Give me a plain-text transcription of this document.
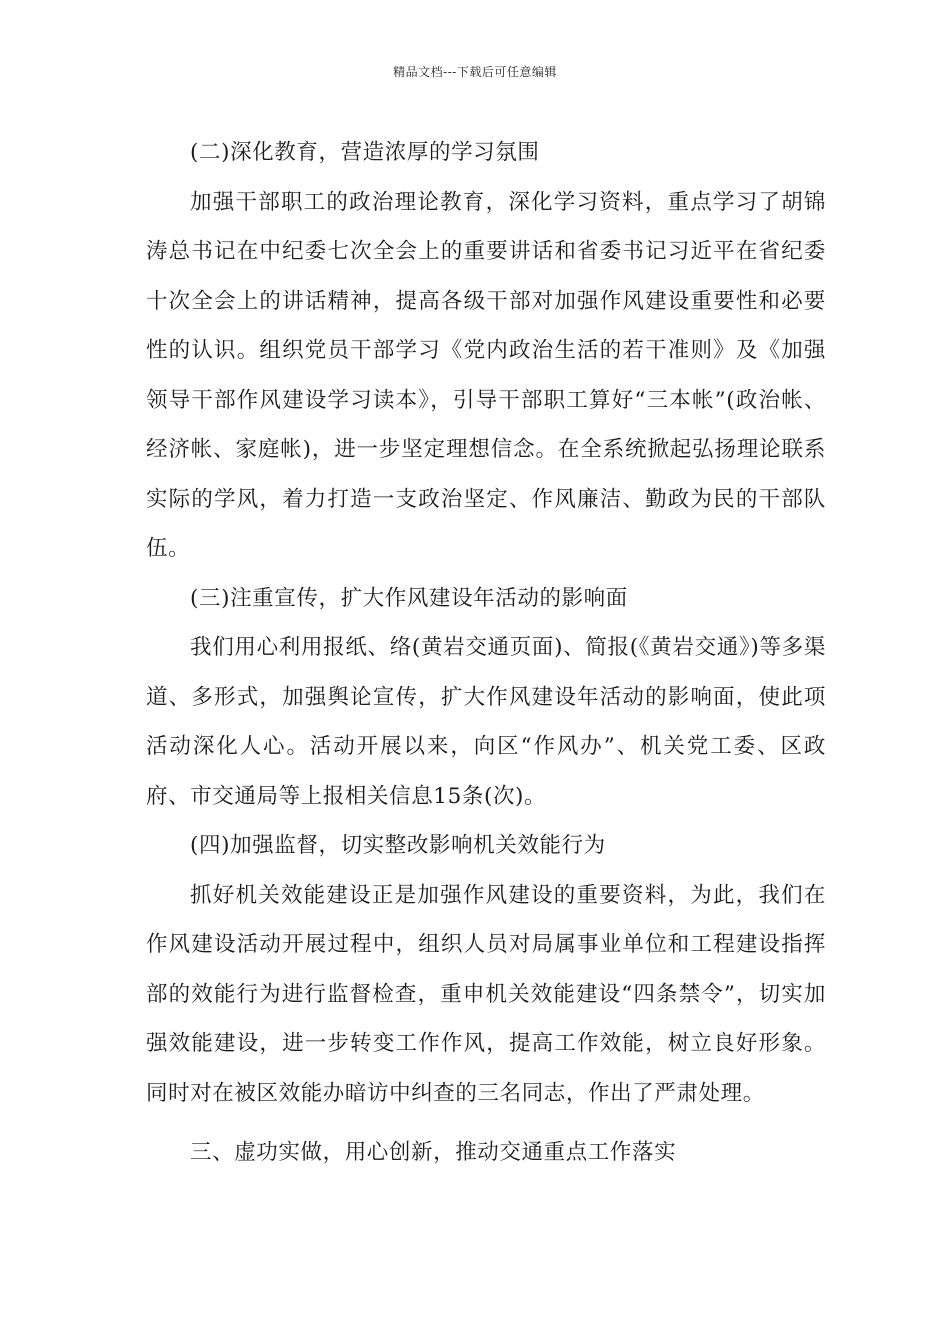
精品文档---下载后可任意编辑

(二)深化教育，营造浓厚的学习氛围

加强干部职工的政治理论教育，深化学习资料，重点学习了胡锦涛总书记在中纪委七次全会上的重要讲话和省委书记习近平在省纪委十次全会上的讲话精神，提高各级干部对加强作风建设重要性和必要性的认识。组织党员干部学习《党内政治生活的若干准则》及《加强领导干部作风建设学习读本》，引导干部职工算好“三本帐”(政治帐、经济帐、家庭帐)，进一步坚定理想信念。在全系统掀起弘扬理论联系实际的学风，着力打造一支政治坚定、作风廉洁、勤政为民的干部队伍。

(三)注重宣传，扩大作风建设年活动的影响面

我们用心利用报纸、络(黄岩交通页面)、简报(《黄岩交通》)等多渠道、多形式，加强舆论宣传，扩大作风建设年活动的影响面，使此项活动深化人心。活动开展以来，向区“作风办”、机关党工委、区政府、市交通局等上报相关信息15条(次)。

(四)加强监督，切实整改影响机关效能行为

抓好机关效能建设正是加强作风建设的重要资料，为此，我们在作风建设活动开展过程中，组织人员对局属事业单位和工程建设指挥部的效能行为进行监督检查，重申机关效能建设“四条禁令”，切实加强效能建设，进一步转变工作作风，提高工作效能，树立良好形象。同时对在被区效能办暗访中纠查的三名同志，作出了严肃处理。

三、虚功实做，用心创新，推动交通重点工作落实
